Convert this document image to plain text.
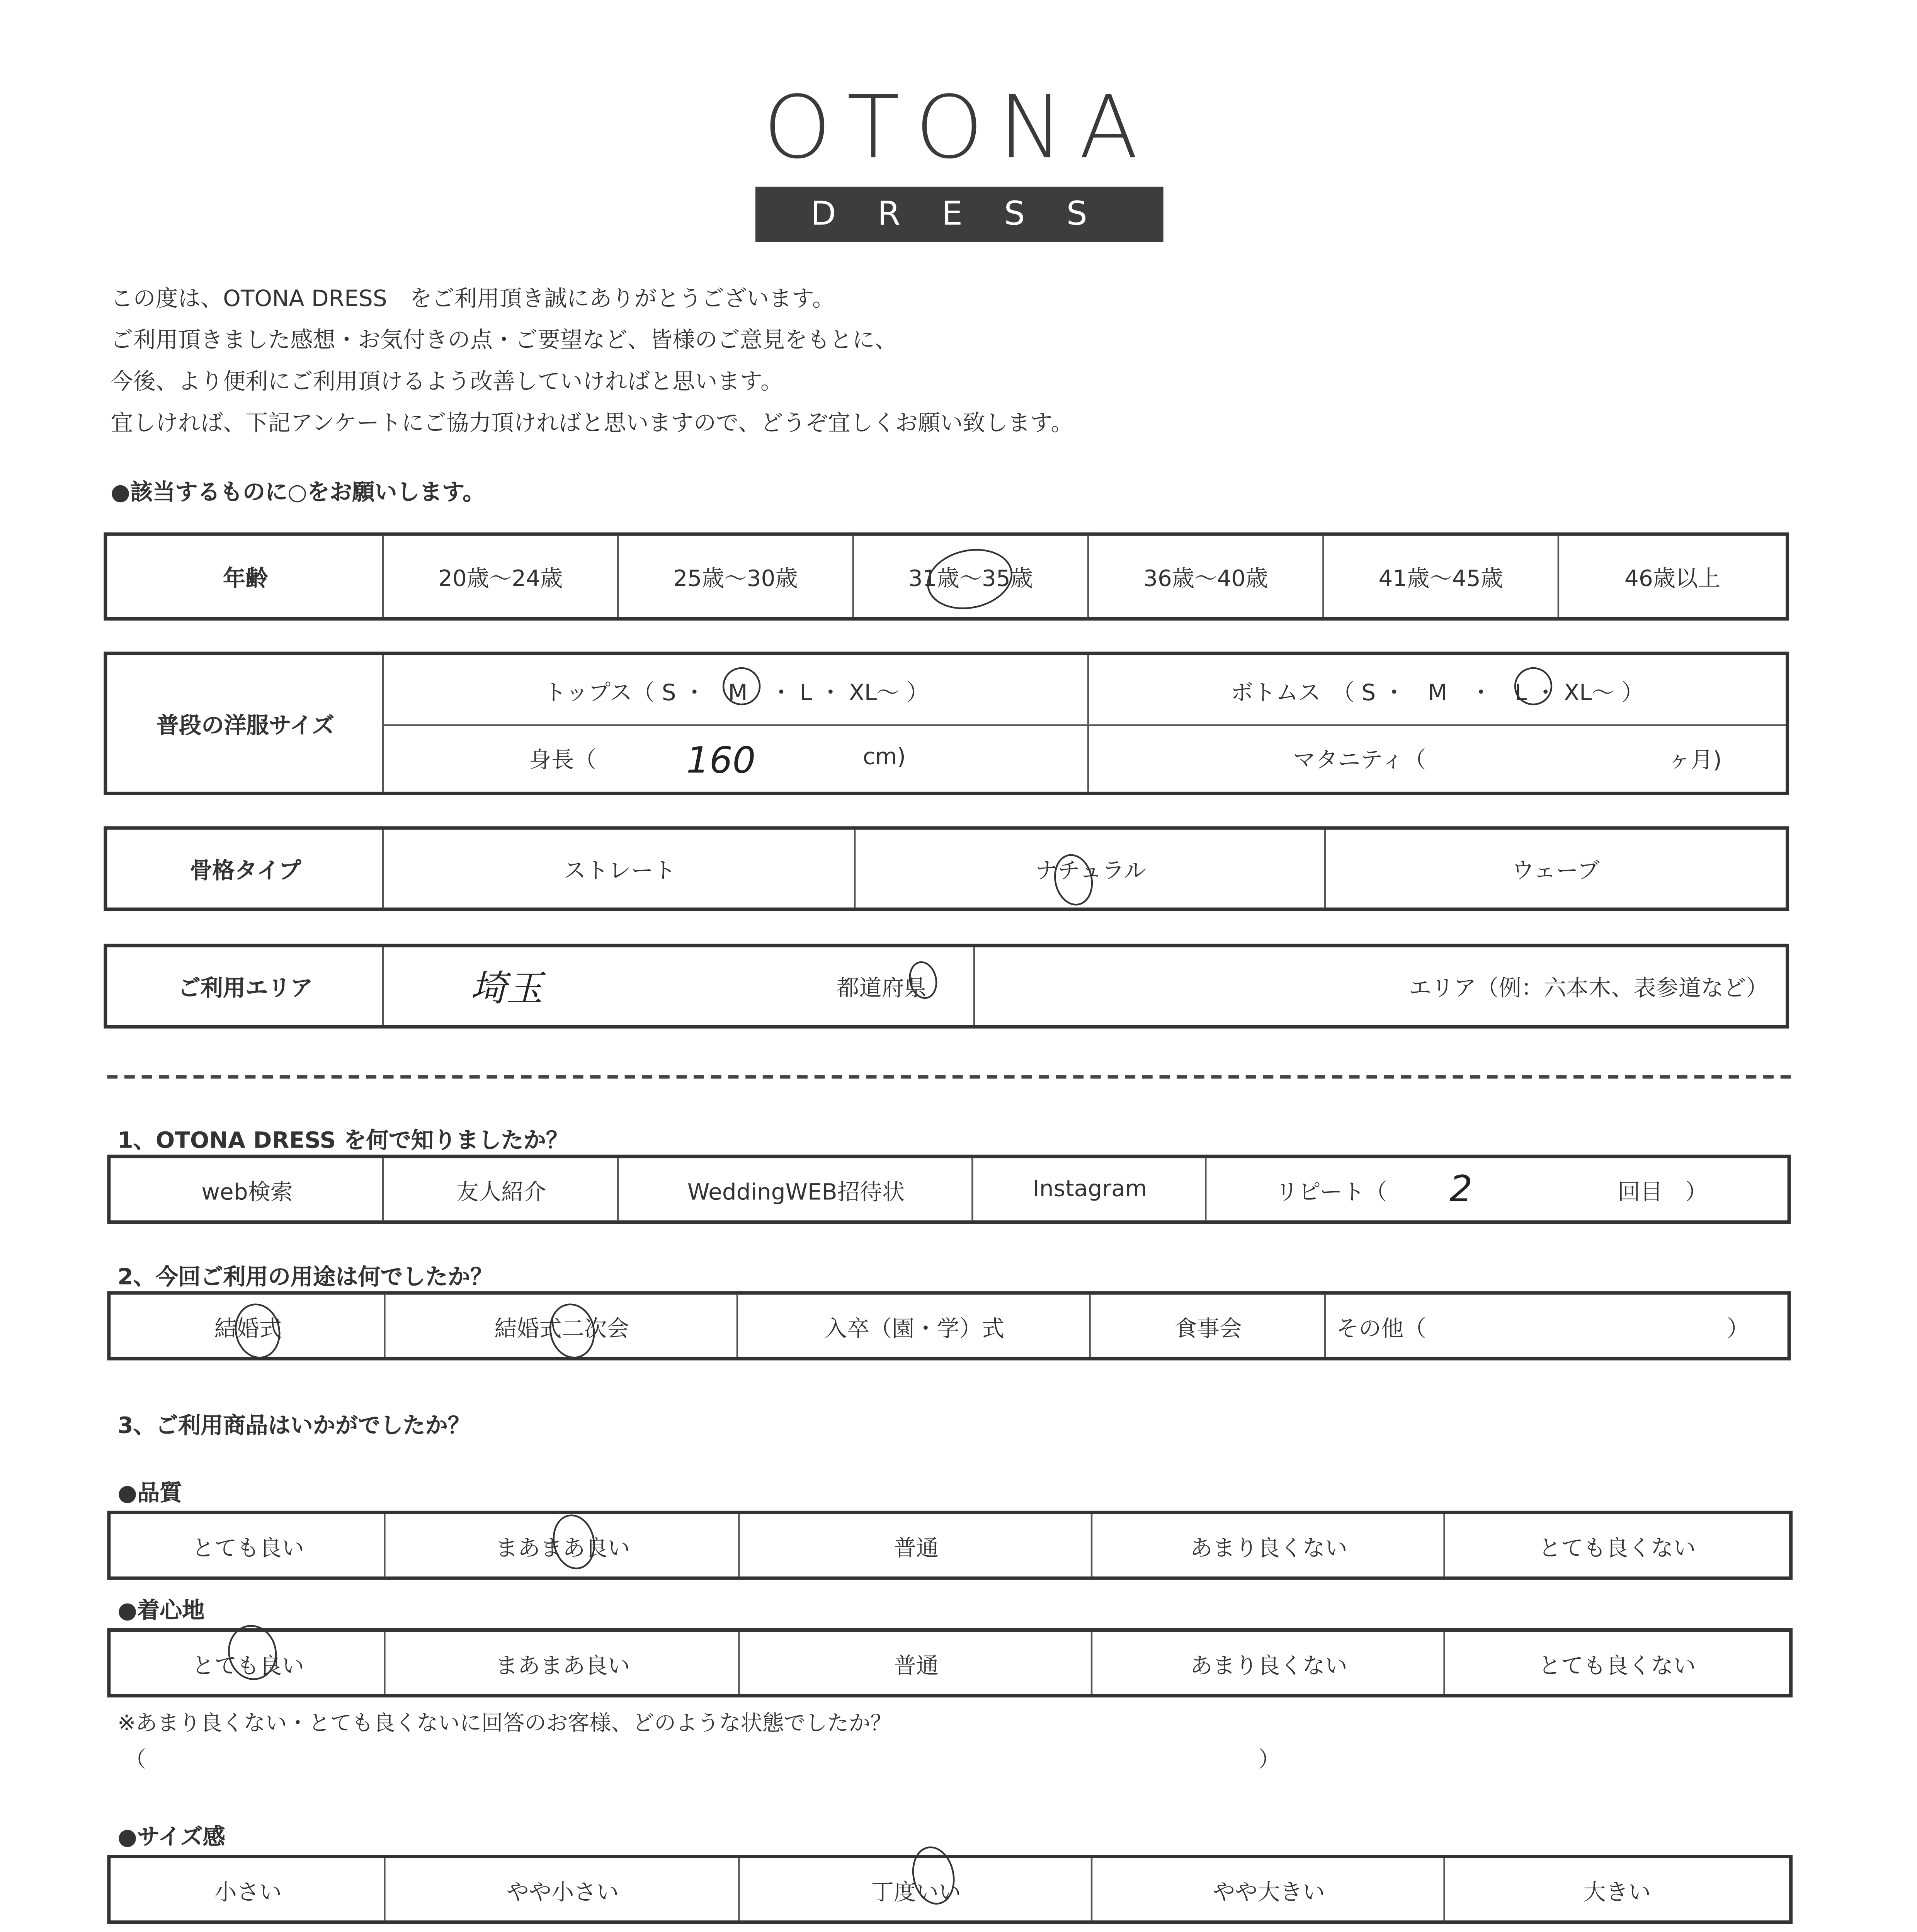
OTONA
DRESS
この度は、OTONA DRESS　をご利用頂き誠にありがとうございます。
ご利用頂きました感想・お気付きの点・ご要望など、皆様のご意見をもとに、
今後、より便利にご利用頂けるよう改善していければと思います。
宜しければ、下記アンケートにご協力頂ければと思いますので、どうぞ宜しくお願い致します。
●該当するものに○をお願いします。
年齢	20歳〜24歳	25歳〜30歳	31歳〜35歳	36歳〜40歳	41歳〜45歳	46歳以上
普段の洋服サイズ
トップス（ S ・　M　・ L ・ XL〜 ）	ボトムス　（ S ・　M　・　L ・ XL〜 ）
身長（	160	cm)	マタニティ（	ヶ月)
骨格タイプ	ストレート	ナチュラル	ウェーブ
ご利用エリア	埼玉	都道府県	エリア（例：六本木、表参道など）
1、OTONA DRESS を何で知りましたか？
web検索	友人紹介	WeddingWEB招待状	Instagram	リピート（	2	回目　）
2、今回ご利用の用途は何でしたか？
結婚式	結婚式二次会	入卒（園・学）式	食事会	その他（	）
3、ご利用商品はいかがでしたか？
●品質
とても良い	まあまあ良い	普通	あまり良くない	とても良くない
●着心地
とても良い	まあまあ良い	普通	あまり良くない	とても良くない
※あまり良くない・とても良くないに回答のお客様、どのような状態でしたか？
（	）
●サイズ感
小さい	やや小さい	丁度いい	やや大きい	大きい
